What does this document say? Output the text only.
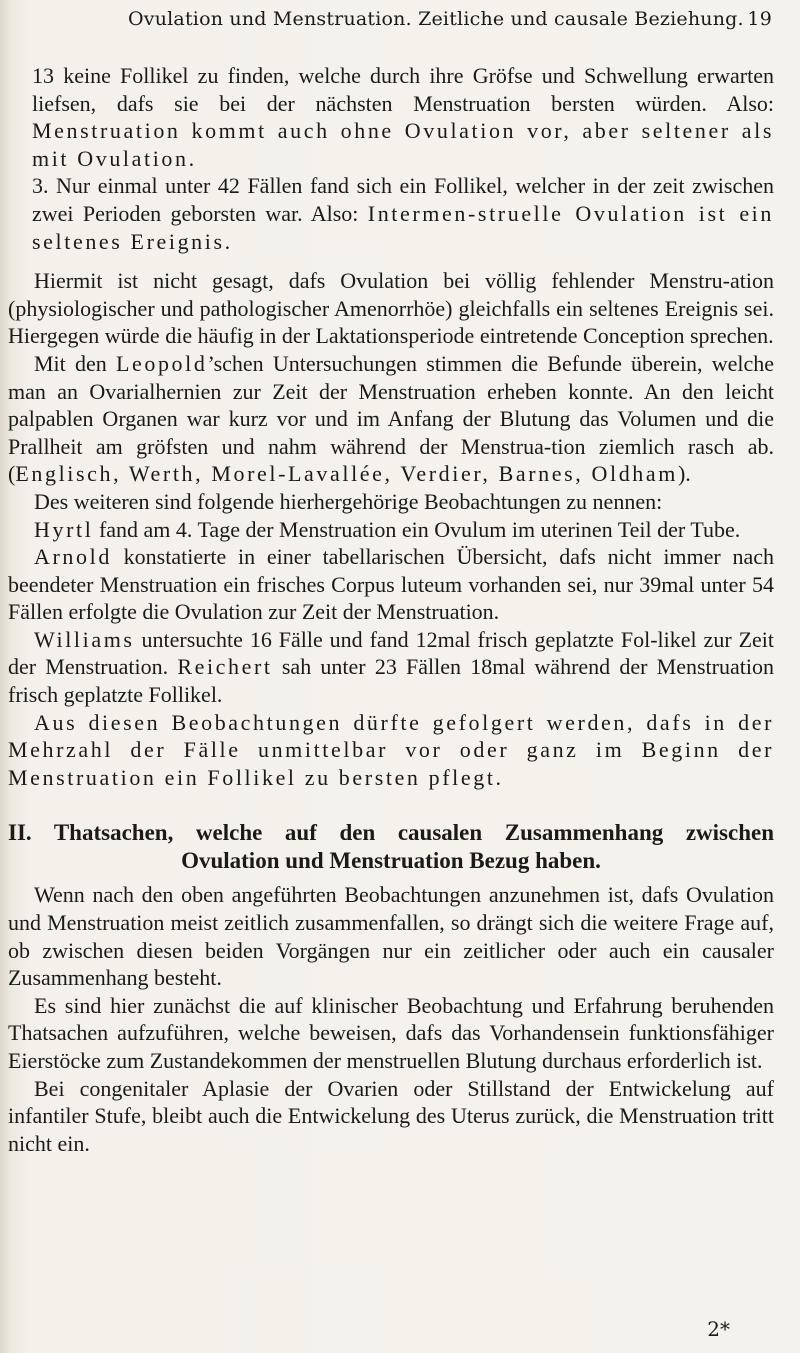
Ovulation und Menstruation. Zeitliche und causale Beziehung. 19

13 keine Follikel zu finden, welche durch ihre Gröfse und Schwellung erwarten liefsen, dafs sie bei der nächsten Menstruation bersten würden. Also: Menstruation kommt auch ohne Ovulation vor, aber seltener als mit Ovulation.

3. Nur einmal unter 42 Fällen fand sich ein Follikel, welcher in der zeit zwischen zwei Perioden geborsten war. Also: Intermen-struelle Ovulation ist ein seltenes Ereignis.

Hiermit ist nicht gesagt, dafs Ovulation bei völlig fehlender Menstru-ation (physiologischer und pathologischer Amenorrhöe) gleichfalls ein seltenes Ereignis sei. Hiergegen würde die häufig in der Laktationsperiode eintretende Conception sprechen.

Mit den Leopold’schen Untersuchungen stimmen die Befunde überein, welche man an Ovarialhernien zur Zeit der Menstruation erheben konnte. An den leicht palpablen Organen war kurz vor und im Anfang der Blutung das Volumen und die Prallheit am gröfsten und nahm während der Menstrua-tion ziemlich rasch ab. (Englisch, Werth, Morel-Lavallée, Verdier, Barnes, Oldham).

Des weiteren sind folgende hierhergehörige Beobachtungen zu nennen:

Hyrtl fand am 4. Tage der Menstruation ein Ovulum im uterinen Teil der Tube.

Arnold konstatierte in einer tabellarischen Übersicht, dafs nicht immer nach beendeter Menstruation ein frisches Corpus luteum vorhanden sei, nur 39mal unter 54 Fällen erfolgte die Ovulation zur Zeit der Menstruation.

Williams untersuchte 16 Fälle und fand 12mal frisch geplatzte Fol-likel zur Zeit der Menstruation. Reichert sah unter 23 Fällen 18mal während der Menstruation frisch geplatzte Follikel.

Aus diesen Beobachtungen dürfte gefolgert werden, dafs in der Mehrzahl der Fälle unmittelbar vor oder ganz im Beginn der Menstruation ein Follikel zu bersten pflegt.

II. Thatsachen, welche auf den causalen Zusammenhang zwischen
Ovulation und Menstruation Bezug haben.

Wenn nach den oben angeführten Beobachtungen anzunehmen ist, dafs Ovulation und Menstruation meist zeitlich zusammenfallen, so drängt sich die weitere Frage auf, ob zwischen diesen beiden Vorgängen nur ein zeitlicher oder auch ein causaler Zusammenhang besteht.

Es sind hier zunächst die auf klinischer Beobachtung und Erfahrung beruhenden Thatsachen aufzuführen, welche beweisen, dafs das Vorhandensein funktionsfähiger Eierstöcke zum Zustandekommen der menstruellen Blutung durchaus erforderlich ist.

Bei congenitaler Aplasie der Ovarien oder Stillstand der Entwickelung auf infantiler Stufe, bleibt auch die Entwickelung des Uterus zurück, die Menstruation tritt nicht ein.

2*
